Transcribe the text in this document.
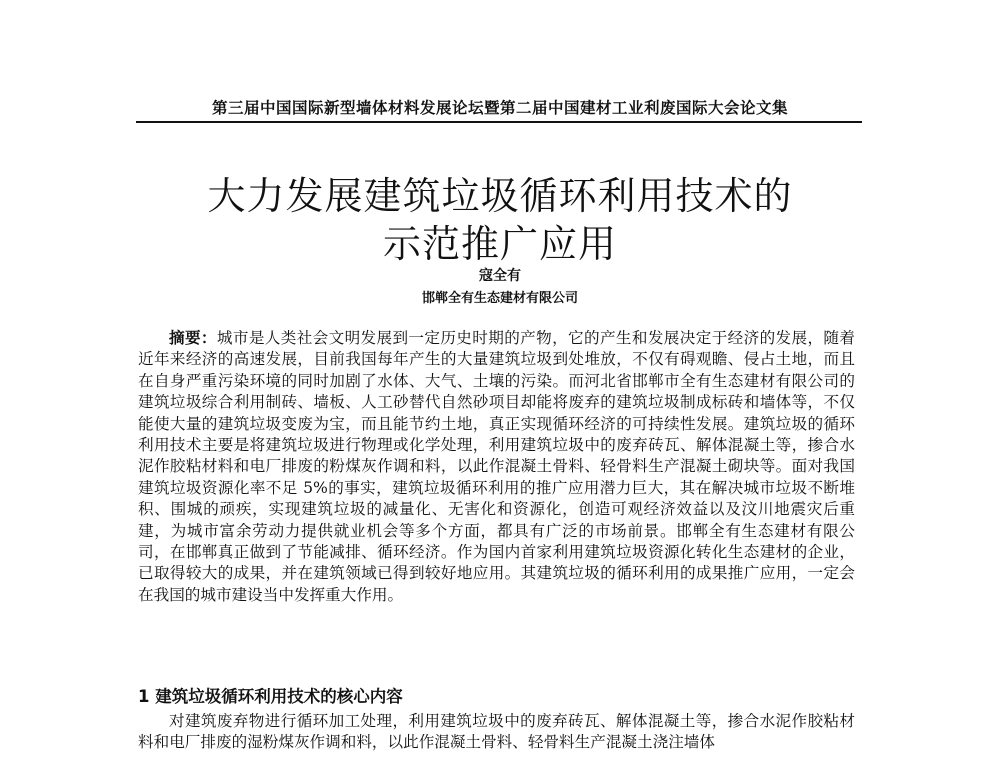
第三届中国国际新型墙体材料发展论坛暨第二届中国建材工业利废国际大会论文集
大力发展建筑垃圾循环利用技术的
示范推广应用
寇全有
邯郸全有生态建材有限公司

摘要：城市是人类社会文明发展到一定历史时期的产物，它的产生和发展决定于经济的发展，随着近年来经济的高速发展，目前我国每年产生的大量建筑垃圾到处堆放，不仅有碍观瞻、侵占土地，而且在自身严重污染环境的同时加剧了水体、大气、土壤的污染。而河北省邯郸市全有生态建材有限公司的建筑垃圾综合利用制砖、墙板、人工砂替代自然砂项目却能将废弃的建筑垃圾制成标砖和墙体等，不仅能使大量的建筑垃圾变废为宝，而且能节约土地，真正实现循环经济的可持续性发展。建筑垃圾的循环利用技术主要是将建筑垃圾进行物理或化学处理，利用建筑垃圾中的废弃砖瓦、解体混凝土等，掺合水泥作胶粘材料和电厂排废的粉煤灰作调和料，以此作混凝土骨料、轻骨料生产混凝土砌块等。面对我国建筑垃圾资源化率不足 5%的事实，建筑垃圾循环利用的推广应用潜力巨大，其在解决城市垃圾不断堆积、围城的顽疾，实现建筑垃圾的减量化、无害化和资源化，创造可观经济效益以及汶川地震灾后重建，为城市富余劳动力提供就业机会等多个方面，都具有广泛的市场前景。邯郸全有生态建材有限公司，在邯郸真正做到了节能减排、循环经济。作为国内首家利用建筑垃圾资源化转化生态建材的企业，已取得较大的成果，并在建筑领域已得到较好地应用。其建筑垃圾的循环利用的成果推广应用，一定会在我国的城市建设当中发挥重大作用。

1 建筑垃圾循环利用技术的核心内容

对建筑废弃物进行循环加工处理，利用建筑垃圾中的废弃砖瓦、解体混凝土等，掺合水泥作胶粘材料和电厂排废的湿粉煤灰作调和料，以此作混凝土骨料、轻骨料生产混凝土浇注墙体
